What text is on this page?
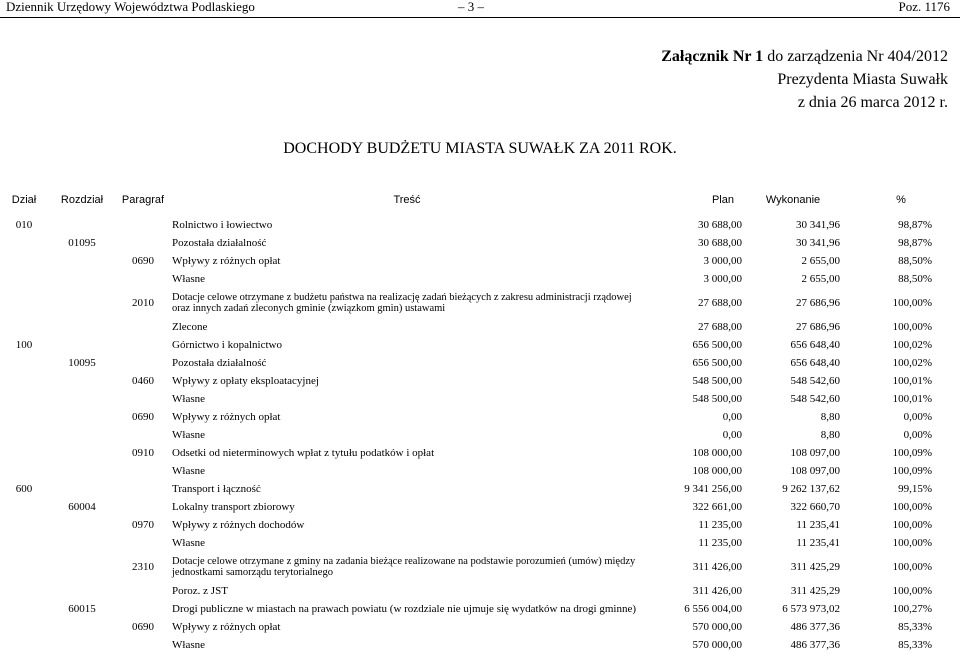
Dziennik Urzędowy Województwa Podlaskiego	– 3 –	Poz. 1176
Załącznik Nr 1 do zarządzenia Nr 404/2012
Prezydenta Miasta Suwałk
z dnia 26 marca 2012 r.
DOCHODY BUDŻETU MIASTA SUWAŁK ZA 2011 ROK.
Dział	Rozdział	Paragraf	Treść	Plan	Wykonanie	%
010			Rolnictwo i łowiectwo	30 688,00	30 341,96	98,87%
	01095		Pozostała działalność	30 688,00	30 341,96	98,87%
		0690	Wpływy z różnych opłat	3 000,00	2 655,00	88,50%
			Własne	3 000,00	2 655,00	88,50%
		2010	Dotacje celowe otrzymane z budżetu państwa na realizację zadań bieżących z zakresu administracji rządowej oraz innych zadań zleconych gminie (związkom gmin) ustawami	27 688,00	27 686,96	100,00%
			Zlecone	27 688,00	27 686,96	100,00%
100			Górnictwo i kopalnictwo	656 500,00	656 648,40	100,02%
	10095		Pozostała działalność	656 500,00	656 648,40	100,02%
		0460	Wpływy z opłaty eksploatacyjnej	548 500,00	548 542,60	100,01%
			Własne	548 500,00	548 542,60	100,01%
		0690	Wpływy z różnych opłat	0,00	8,80	0,00%
			Własne	0,00	8,80	0,00%
		0910	Odsetki od nieterminowych wpłat z tytułu podatków i opłat	108 000,00	108 097,00	100,09%
			Własne	108 000,00	108 097,00	100,09%
600			Transport i łączność	9 341 256,00	9 262 137,62	99,15%
	60004		Lokalny transport zbiorowy	322 661,00	322 660,70	100,00%
		0970	Wpływy z różnych dochodów	11 235,00	11 235,41	100,00%
			Własne	11 235,00	11 235,41	100,00%
		2310	Dotacje celowe otrzymane z gminy na zadania bieżące realizowane na podstawie porozumień (umów) między jednostkami samorządu terytorialnego	311 426,00	311 425,29	100,00%
			Poroz. z JST	311 426,00	311 425,29	100,00%
	60015		Drogi publiczne w miastach na prawach powiatu (w rozdziale nie ujmuje się wydatków na drogi gminne)	6 556 004,00	6 573 973,02	100,27%
		0690	Wpływy z różnych opłat	570 000,00	486 377,36	85,33%
			Własne	570 000,00	486 377,36	85,33%
